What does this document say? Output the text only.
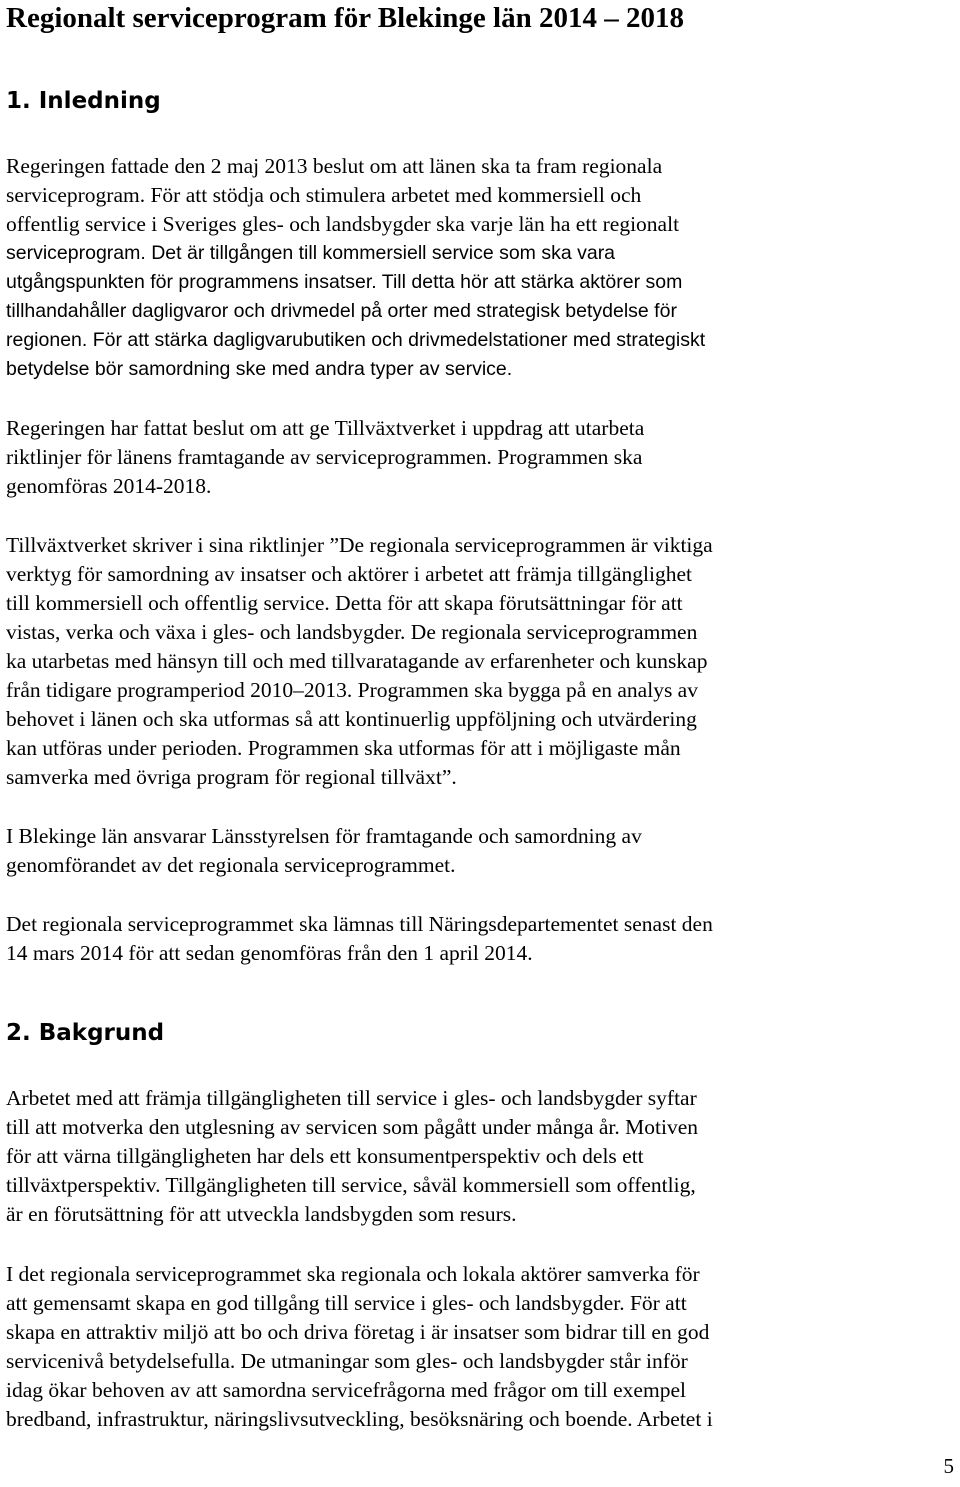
Regionalt serviceprogram för Blekinge län 2014 – 2018
1. Inledning
Regeringen fattade den 2 maj 2013 beslut om att länen ska ta fram regionala
serviceprogram. För att stödja och stimulera arbetet med kommersiell och
offentlig service i Sveriges gles- och landsbygder ska varje län ha ett regionalt
serviceprogram. Det är tillgången till kommersiell service som ska vara
utgångspunkten för programmens insatser. Till detta hör att stärka aktörer som
tillhandahåller dagligvaror och drivmedel på orter med strategisk betydelse för
regionen. För att stärka dagligvarubutiken och drivmedelstationer med strategiskt
betydelse bör samordning ske med andra typer av service.
Regeringen har fattat beslut om att ge Tillväxtverket i uppdrag att utarbeta
riktlinjer för länens framtagande av serviceprogrammen. Programmen ska
genomföras 2014-2018.
Tillväxtverket skriver i sina riktlinjer ”De regionala serviceprogrammen är viktiga
verktyg för samordning av insatser och aktörer i arbetet att främja tillgänglighet
till kommersiell och offentlig service. Detta för att skapa förutsättningar för att
vistas, verka och växa i gles- och landsbygder. De regionala serviceprogrammen
ka utarbetas med hänsyn till och med tillvaratagande av erfarenheter och kunskap
från tidigare programperiod 2010‒2013. Programmen ska bygga på en analys av
behovet i länen och ska utformas så att kontinuerlig uppföljning och utvärdering
kan utföras under perioden. Programmen ska utformas för att i möjligaste mån
samverka med övriga program för regional tillväxt”.
I Blekinge län ansvarar Länsstyrelsen för framtagande och samordning av
genomförandet av det regionala serviceprogrammet.
Det regionala serviceprogrammet ska lämnas till Näringsdepartementet senast den
14 mars 2014 för att sedan genomföras från den 1 april 2014.
2. Bakgrund
Arbetet med att främja tillgängligheten till service i gles- och landsbygder syftar
till att motverka den utglesning av servicen som pågått under många år. Motiven
för att värna tillgängligheten har dels ett konsumentperspektiv och dels ett
tillväxtperspektiv. Tillgängligheten till service, såväl kommersiell som offentlig,
är en förutsättning för att utveckla landsbygden som resurs.
I det regionala serviceprogrammet ska regionala och lokala aktörer samverka för
att gemensamt skapa en god tillgång till service i gles- och landsbygder. För att
skapa en attraktiv miljö att bo och driva företag i är insatser som bidrar till en god
servicenivå betydelsefulla. De utmaningar som gles- och landsbygder står inför
idag ökar behoven av att samordna servicefrågorna med frågor om till exempel
bredband, infrastruktur, näringslivsutveckling, besöksnäring och boende. Arbetet i
5
